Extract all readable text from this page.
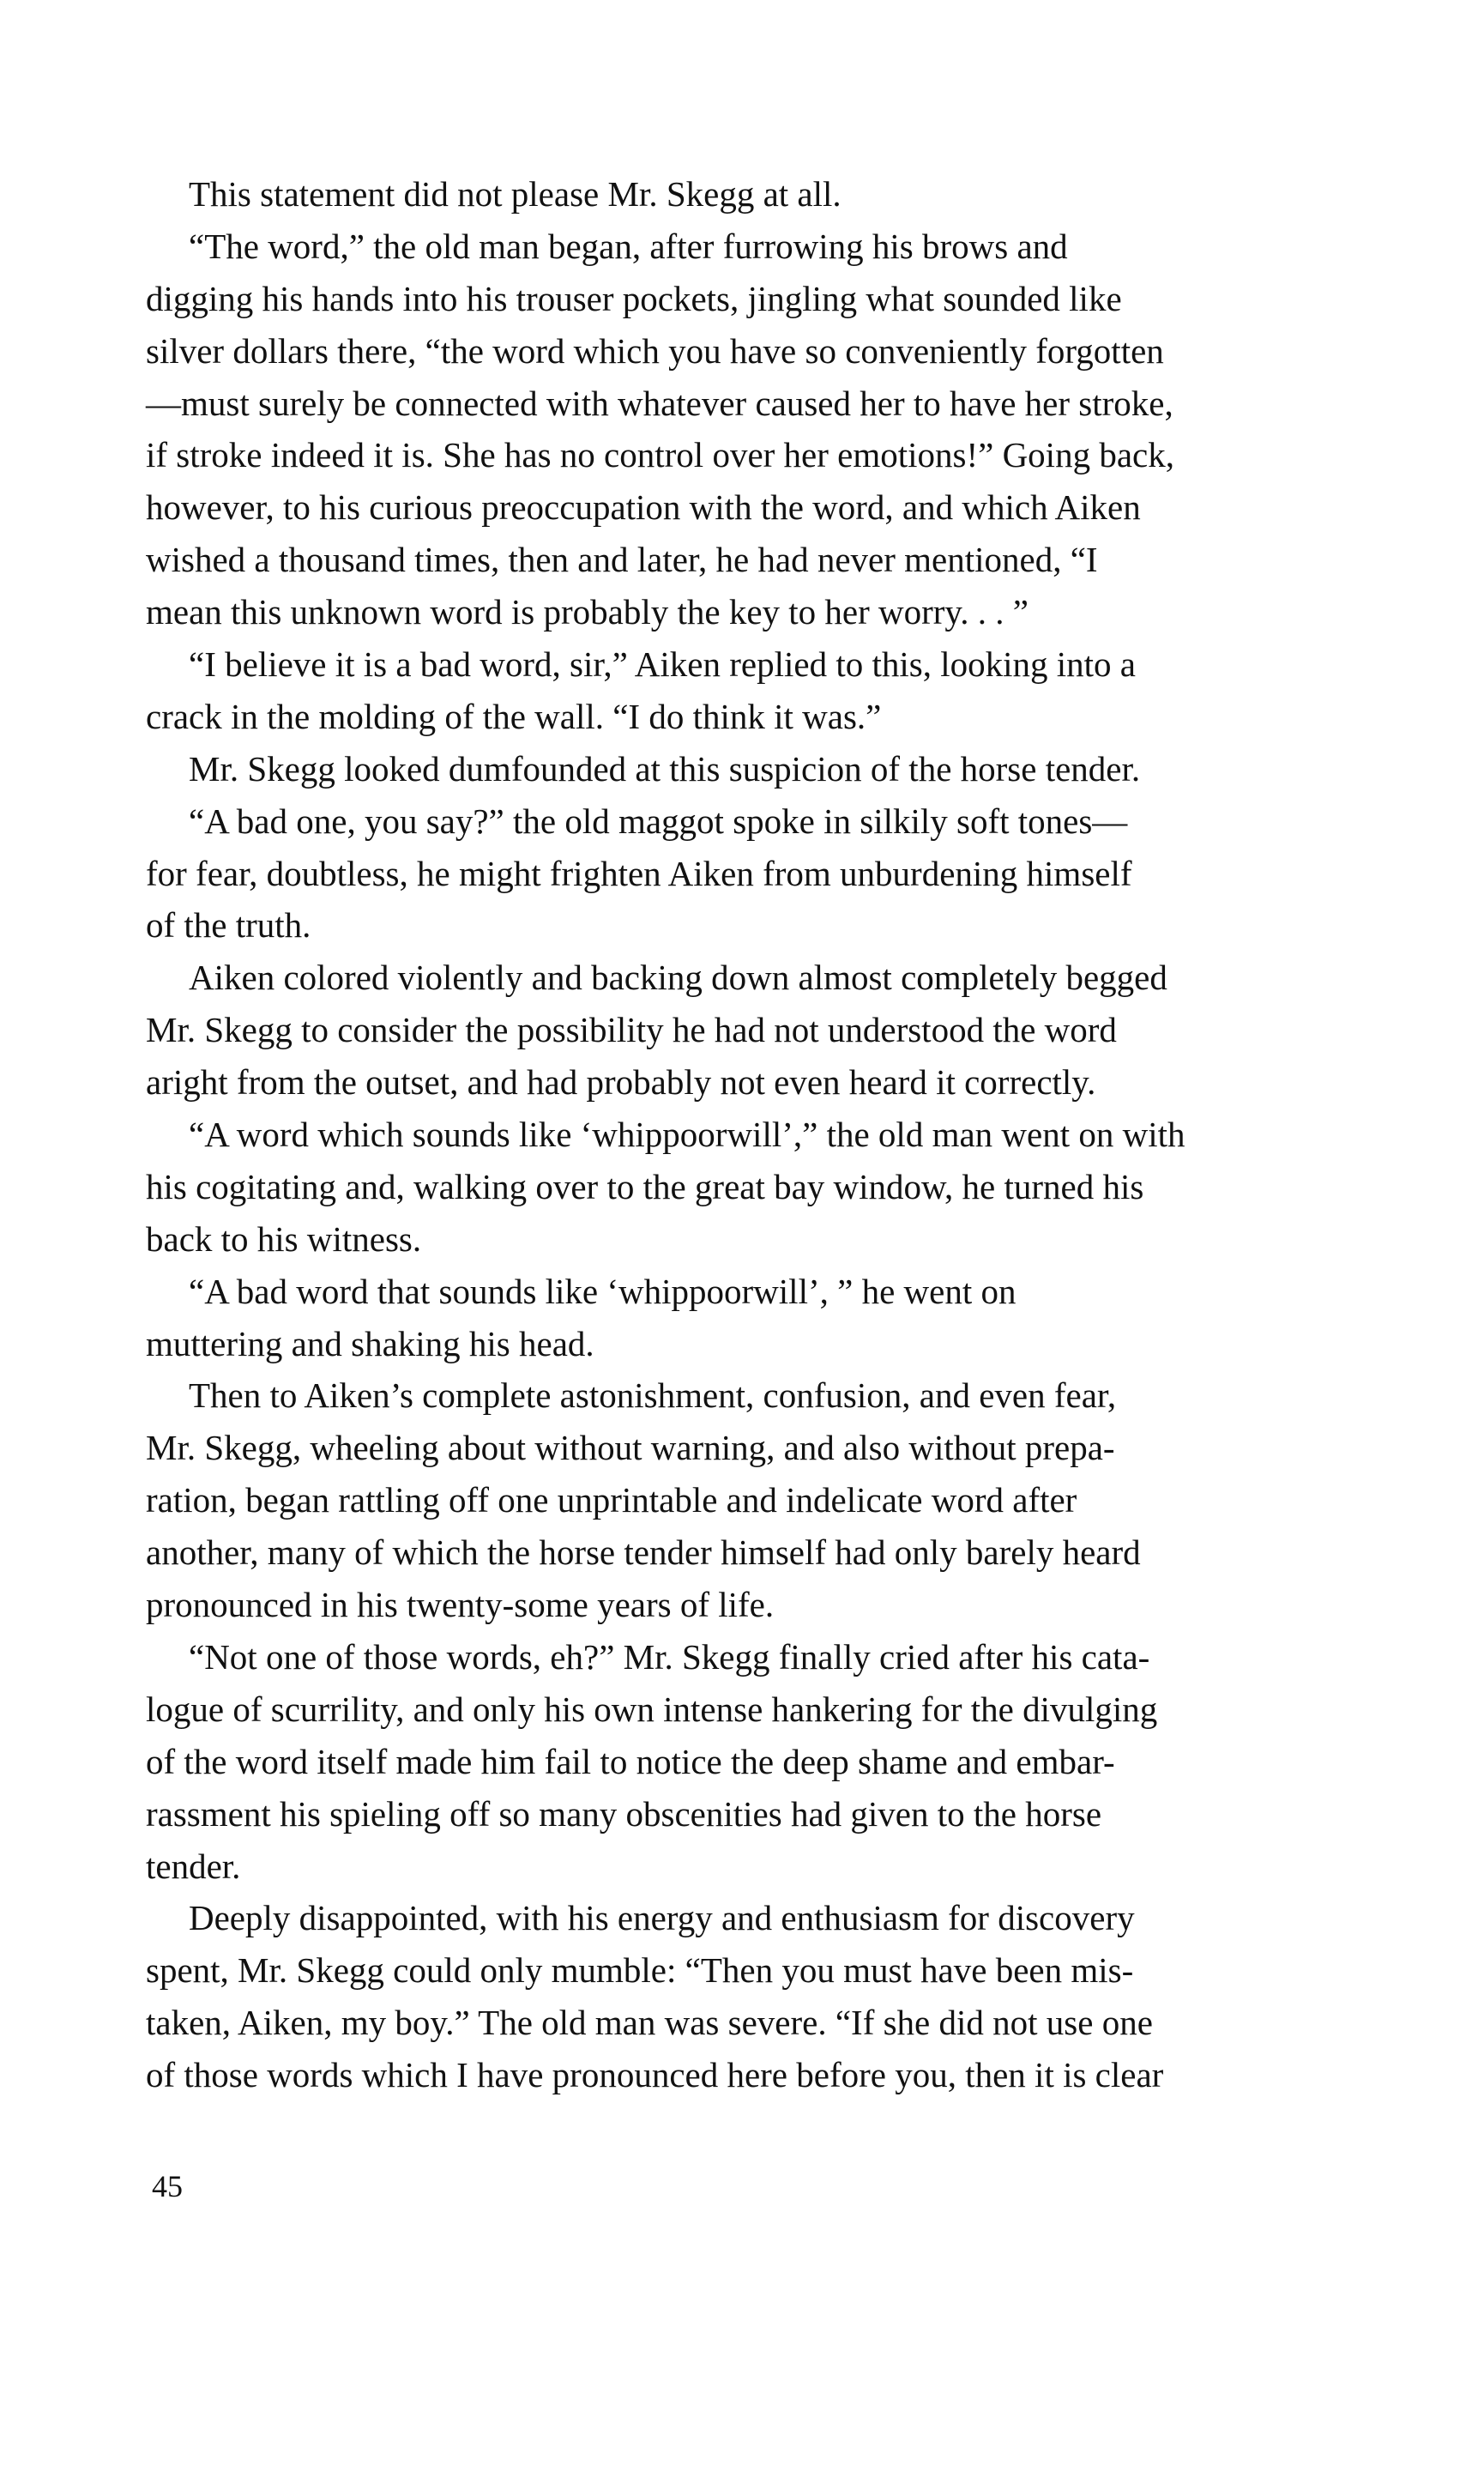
This statement did not please Mr. Skegg at all.
“The word,” the old man began, after furrowing his brows and
digging his hands into his trouser pockets, jingling what sounded like
silver dollars there, “the word which you have so conveniently forgotten
—must surely be connected with whatever caused her to have her stroke,
if stroke indeed it is. She has no control over her emotions!” Going back,
however, to his curious preoccupation with the word, and which Aiken
wished a thousand times, then and later, he had never mentioned, “I
mean this unknown word is probably the key to her worry. . . ”
“I believe it is a bad word, sir,” Aiken replied to this, looking into a
crack in the molding of the wall. “I do think it was.”
Mr. Skegg looked dumfounded at this suspicion of the horse tender.
“A bad one, you say?” the old maggot spoke in silkily soft tones—
for fear, doubtless, he might frighten Aiken from unburdening himself
of the truth.
Aiken colored violently and backing down almost completely begged
Mr. Skegg to consider the possibility he had not understood the word
aright from the outset, and had probably not even heard it correctly.
“A word which sounds like ‘whippoorwill’,” the old man went on with
his cogitating and, walking over to the great bay window, he turned his
back to his witness.
“A bad word that sounds like ‘whippoorwill’, ” he went on
muttering and shaking his head.
Then to Aiken’s complete astonishment, confusion, and even fear,
Mr. Skegg, wheeling about without warning, and also without prepa-
ration, began rattling off one unprintable and indelicate word after
another, many of which the horse tender himself had only barely heard
pronounced in his twenty-some years of life.
“Not one of those words, eh?” Mr. Skegg finally cried after his cata-
logue of scurrility, and only his own intense hankering for the divulging
of the word itself made him fail to notice the deep shame and embar-
rassment his spieling off so many obscenities had given to the horse
tender.
Deeply disappointed, with his energy and enthusiasm for discovery
spent, Mr. Skegg could only mumble: “Then you must have been mis-
taken, Aiken, my boy.” The old man was severe. “If she did not use one
of those words which I have pronounced here before you, then it is clear
45
